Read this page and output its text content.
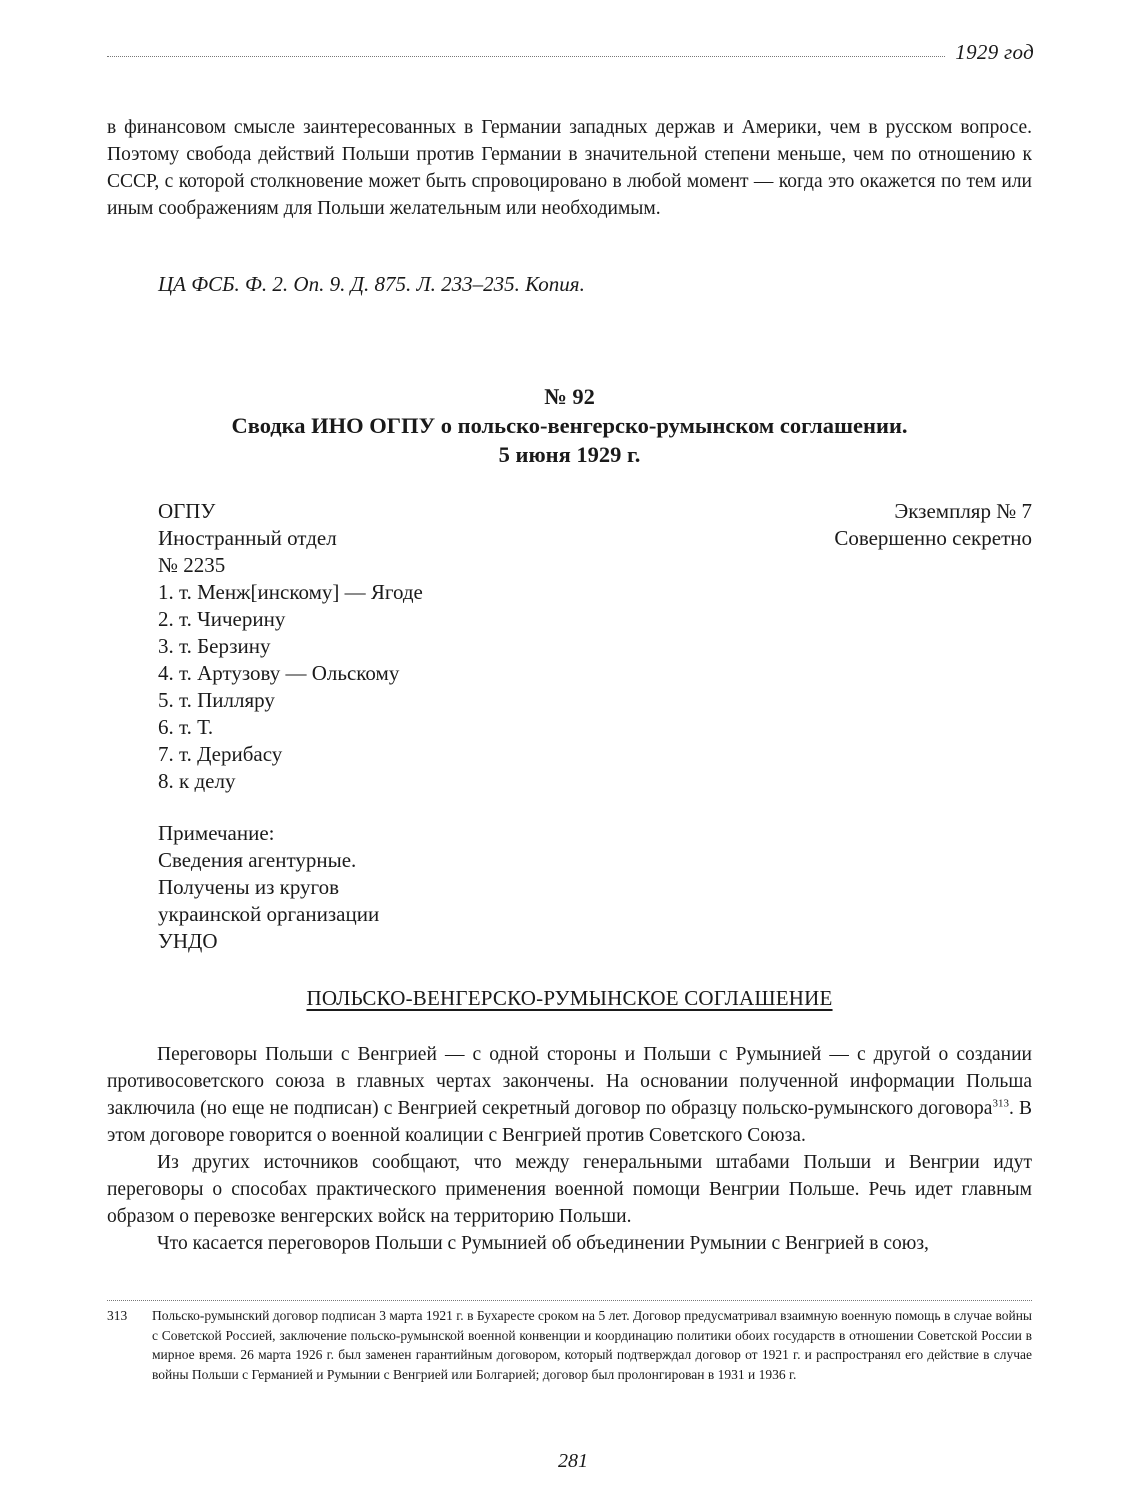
1929 год

в финансовом смысле заинтересованных в Германии западных держав и Америки, чем в русском вопросе. Поэтому свобода действий Польши против Германии в значительной степени меньше, чем по отношению к СССР, с которой столкновение может быть спровоцировано в любой момент — когда это окажется по тем или иным соображениям для Польши желательным или необходимым.

ЦА ФСБ. Ф. 2. Оп. 9. Д. 875. Л. 233–235. Копия.
№ 92
Сводка ИНО ОГПУ о польско-венгерско-румынском соглашении.
5 июня 1929 г.
ОГПУ
Иностранный отдел
№ 2235
1. т. Менж[инскому] — Ягоде
2. т. Чичерину
3. т. Берзину
4. т. Артузову — Ольскому
5. т. Пилляру
6. т. Т.
7. т. Дерибасу
8. к делу
Экземпляр № 7
Совершенно секретно
Примечание:
Сведения агентурные.
Получены из кругов
украинской организации
УНДО
ПОЛЬСКО-ВЕНГЕРСКО-РУМЫНСКОЕ СОГЛАШЕНИЕ

Переговоры Польши с Венгрией — с одной стороны и Польши с Румынией — с другой о создании противосоветского союза в главных чертах закончены. На основании полученной информации Польша заключила (но еще не подписан) с Венгрией секретный договор по образцу польско-румынского договора$^{313}$. В этом договоре говорится о военной коалиции с Венгрией против Советского Союза.

Из других источников сообщают, что между генеральными штабами Польши и Венгрии идут переговоры о способах практического применения военной помощи Венгрии Польше. Речь идет главным образом о перевозке венгерских войск на территорию Польши.

Что касается переговоров Польши с Румынией об объединении Румынии с Венгрией в союз,

313 Польско-румынский договор подписан 3 марта 1921 г. в Бухаресте сроком на 5 лет. Договор предусматривал взаимную военную помощь в случае войны с Советской Россией, заключение польско-румынской военной конвенции и координацию политики обоих государств в отношении Советской России в мирное время. 26 марта 1926 г. был заменен гарантийным договором, который подтверждал договор от 1921 г. и распространял его действие в случае войны Польши с Германией и Румынии с Венгрией или Болгарией; договор был пролонгирован в 1931 и 1936 г.
281
